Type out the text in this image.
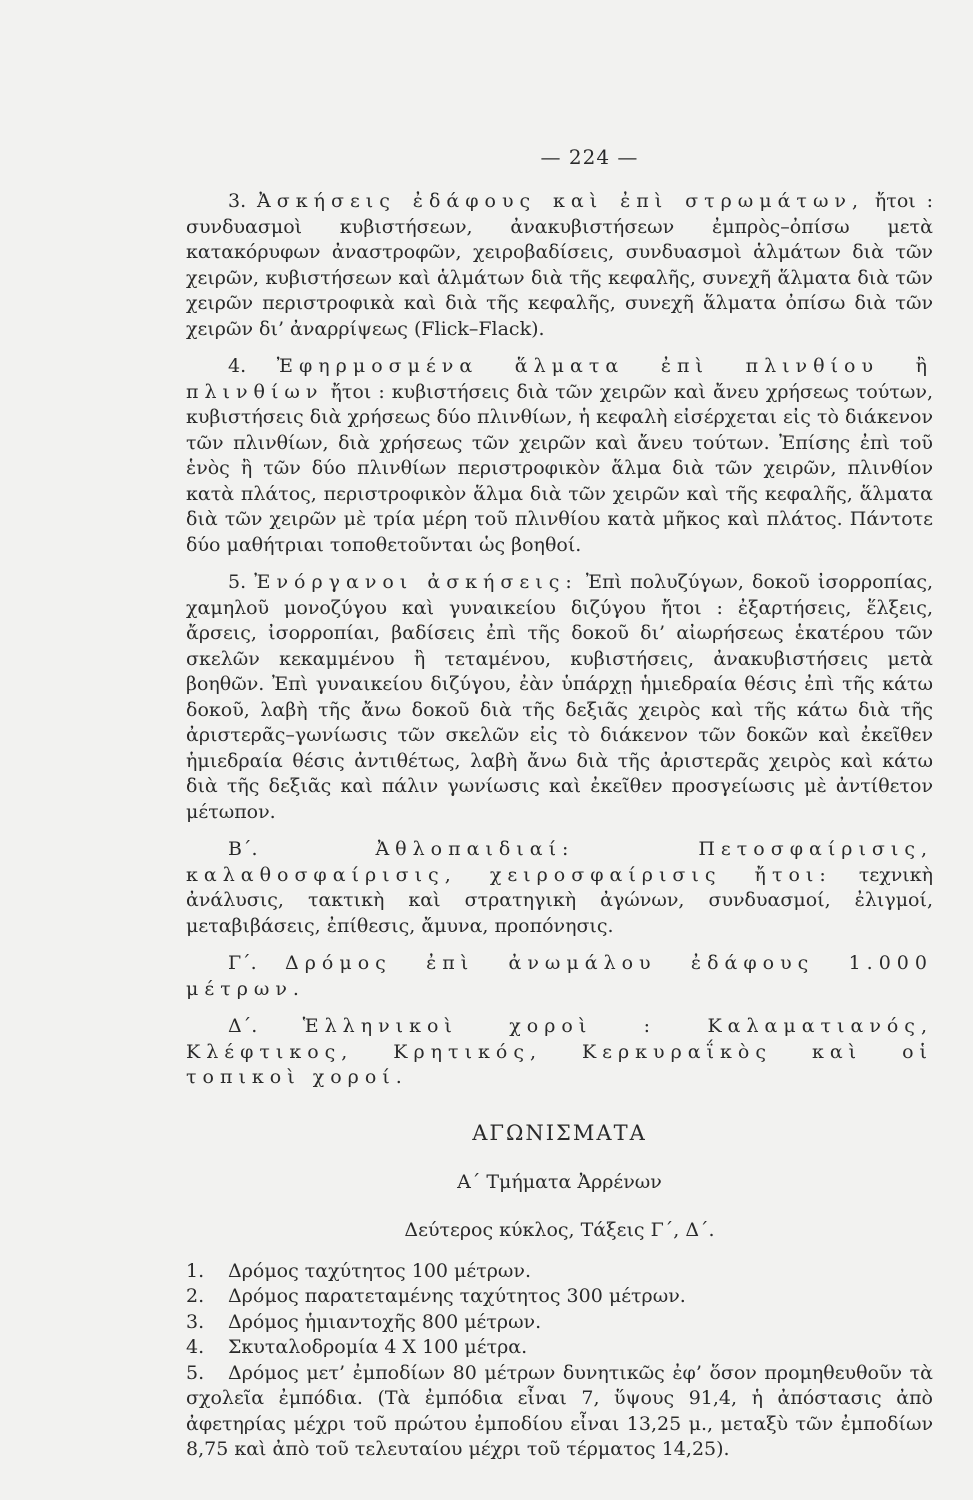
— 224 —

3. Ἀσκήσεις ἐδάφους καὶ ἐπὶ στρωμάτων, ἤτοι : συνδυασμοὶ κυβιστήσεων, ἀνακυβιστήσεων ἐμπρὸς–ὀπίσω μετὰ κατακόρυφων ἀναστροφῶν, χειροβαδίσεις, συνδυασμοὶ ἁλμάτων διὰ τῶν χειρῶν, κυβιστήσεων καὶ ἁλμάτων διὰ τῆς κεφαλῆς, συνεχῆ ἅλματα διὰ τῶν χειρῶν περιστροφικὰ καὶ διὰ τῆς κεφαλῆς, συνεχῆ ἅλματα ὀπίσω διὰ τῶν χειρῶν δι’ ἀναρρίψεως (Flick–Flack).

4. Ἐφηρμοσμένα ἅλματα ἐπὶ πλινθίου ἢ πλινθίων ἤτοι : κυβιστήσεις διὰ τῶν χειρῶν καὶ ἄνευ χρήσεως τούτων, κυβιστήσεις διὰ χρήσεως δύο πλινθίων, ἡ κεφαλὴ εἰσέρχεται εἰς τὸ διάκενον τῶν πλινθίων, διὰ χρήσεως τῶν χειρῶν καὶ ἄνευ τούτων. Ἐπίσης ἐπὶ τοῦ ἑνὸς ἢ τῶν δύο πλινθίων περιστροφικὸν ἅλμα διὰ τῶν χειρῶν, πλινθίον κατὰ πλάτος, περιστροφικὸν ἅλμα διὰ τῶν χειρῶν καὶ τῆς κεφαλῆς, ἅλματα διὰ τῶν χειρῶν μὲ τρία μέρη τοῦ πλινθίου κατὰ μῆκος καὶ πλάτος. Πάντοτε δύο μαθήτριαι τοποθετοῦνται ὡς βοηθοί.

5. Ἐνόργανοι ἀσκήσεις: Ἐπὶ πολυζύγων, δοκοῦ ἰσορροπίας, χαμηλοῦ μονοζύγου καὶ γυναικείου διζύγου ἤτοι : ἐξαρτήσεις, ἕλξεις, ἄρσεις, ἰσορροπίαι, βαδίσεις ἐπὶ τῆς δοκοῦ δι’ αἰωρήσεως ἑκατέρου τῶν σκελῶν κεκαμμένου ἢ τεταμένου, κυβιστήσεις, ἀνακυβιστήσεις μετὰ βοηθῶν. Ἐπὶ γυναικείου διζύγου, ἐὰν ὑπάρχῃ ἡμιεδραία θέσις ἐπὶ τῆς κάτω δοκοῦ, λαβὴ τῆς ἄνω δοκοῦ διὰ τῆς δεξιᾶς χειρὸς καὶ τῆς κάτω διὰ τῆς ἀριστερᾶς–γωνίωσις τῶν σκελῶν εἰς τὸ διάκενον τῶν δοκῶν καὶ ἐκεῖθεν ἡμιεδραία θέσις ἀντιθέτως, λαβὴ ἄνω διὰ τῆς ἀριστερᾶς χειρὸς καὶ κάτω διὰ τῆς δεξιᾶς καὶ πάλιν γωνίωσις καὶ ἐκεῖθεν προσγείωσις μὲ ἀντίθετον μέτωπον.

Β΄.	Ἀθλοπαιδιαί: Πετοσφαίρισις, καλαθοσφαίρισις, χειροσφαίρισις ἤτοι: τεχνικὴ ἀνάλυσις, τακτικὴ καὶ στρατηγικὴ ἀγώνων, συνδυασμοί, ἐλιγμοί, μεταβιβάσεις, ἐπίθεσις, ἄμυνα, προπόνησις.

Γ΄. Δρόμος ἐπὶ ἀνωμάλου ἐδάφους 1.000 μέτρων.

Δ΄. Ἑλληνικοὶ χοροὶ : Καλαματιανός, Κλέφτικος, Κρητικός, Κερκυραΐκὸς καὶ οἱ τοπικοὶ χοροί.

ΑΓΩΝΙΣΜΑΤΑ
Α΄ Τμήματα Ἀρρένων
Δεύτερος κύκλος, Τάξεις Γ΄, Δ΄.
1. Δρόμος ταχύτητος 100 μέτρων.
2. Δρόμος παρατεταμένης ταχύτητος 300 μέτρων.
3. Δρόμος ἡμιαντοχῆς 800 μέτρων.
4. Σκυταλοδρομία 4 X 100 μέτρα.
5. Δρόμος μετ’ ἐμποδίων 80 μέτρων δυνητικῶς ἐφ’ ὅσον προμηθευθοῦν τὰ σχολεῖα ἐμπόδια. (Τὰ ἐμπόδια εἶναι 7, ὕψους 91,4, ἡ ἀπόστασις ἀπὸ ἀφετηρίας μέχρι τοῦ πρώτου ἐμποδίου εἶναι 13,25 μ., μεταξὺ τῶν ἐμποδίων 8,75 καὶ ἀπὸ τοῦ τελευταίου μέχρι τοῦ τέρματος 14,25).
